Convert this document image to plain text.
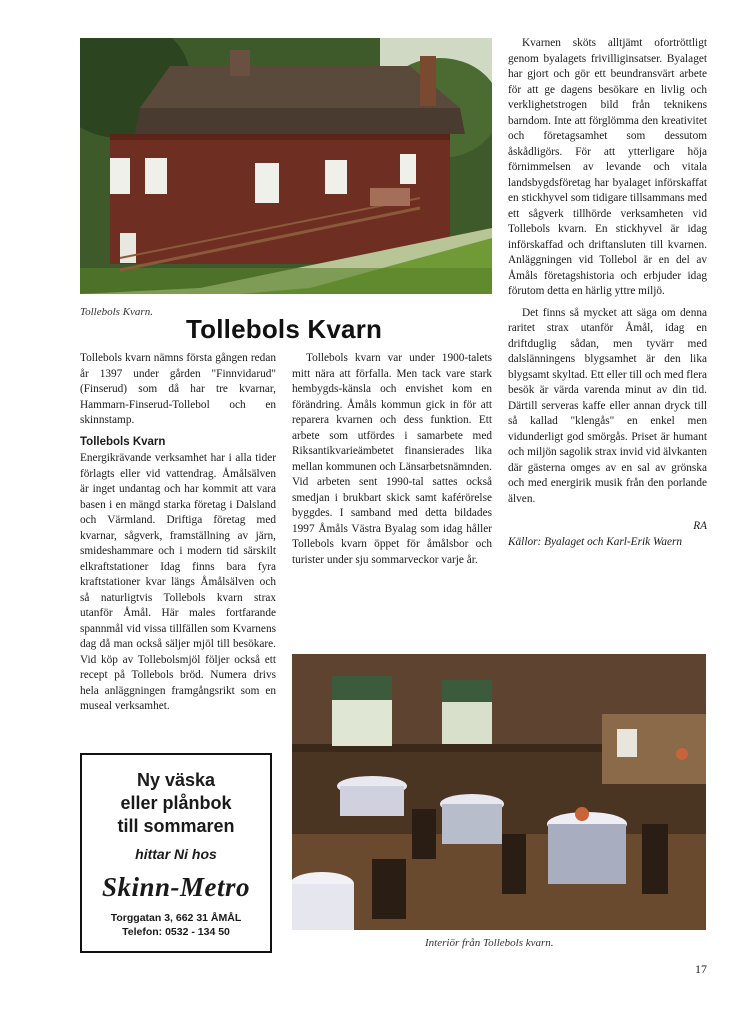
Tollebols Kvarn.
Tollebols Kvarn

Tollebols kvarn nämns första gången redan år 1397 under gården "Finnvidarud" (Finserud) som då har tre kvarnar, Hammarn-Finserud-Tollebol och en skinnstamp.

Tollebols Kvarn

Energikrävande verksamhet har i alla tider förlagts eller vid vattendrag. Åmålsälven är inget undantag och har kommit att vara basen i en mängd starka företag i Dalsland och Värmland. Driftiga företag med kvarnar, sågverk, framställning av järn, smideshammare och i modern tid särskilt elkraftstationer Idag finns bara fyra kraftstationer kvar längs Åmålsälven och så naturligtvis Tollebols kvarn strax utanför Åmål. Här males fortfarande spannmål vid vissa tillfällen som Kvarnens dag då man också säljer mjöl till besökare. Vid köp av Tollebolsmjöl följer också ett recept på Tollebols bröd. Numera drivs hela anläggningen framgångsrikt som en museal verksamhet.

Tollebols kvarn var under 1900-talets mitt nära att förfalla. Men tack vare stark hembygds-känsla och envishet kom en förändring. Åmåls kommun gick in för att reparera kvarnen och dess funktion. Ett arbete som utfördes i samarbete med Riksantikvarieämbetet finansierades lika mellan kommunen och Länsarbetsnämnden. Vid arbeten sent 1990-tal sattes också smedjan i brukbart skick samt kaférörelse byggdes. I samband med detta bildades 1997 Åmåls Västra Byalag som idag håller Tollebols kvarn öppet för åmålsbor och turister under sju sommarveckor varje år.

Kvarnen sköts alltjämt ofortröttligt genom byalagets frivilliginsatser. Byalaget har gjort och gör ett beundransvärt arbete för att ge dagens besökare en livlig och verklighetstrogen bild från teknikens barndom. Inte att förglömma den kreativitet och företagsamhet som dessutom åskådligörs. För att ytterligare höja förnimmelsen av levande och vitala landsbygdsföretag har byalaget införskaffat en stickhyvel som tidigare tillsammans med ett sågverk tillhörde verksamheten vid Tollebols kvarn. En stickhyvel är idag införskaffad och driftansluten till kvarnen. Anläggningen vid Tollebol är en del av Åmåls företagshistoria och erbjuder idag förutom detta en härlig yttre miljö.

Det finns så mycket att säga om denna raritet strax utanför Åmål, idag en driftduglig sådan, men tyvärr med dalslänningens blygsamhet är den lika blygsamt skyltad. Ett eller till och med flera besök är värda varenda minut av din tid. Därtill serveras kaffe eller annan dryck till så kallad "klengås" en enkel men vidunderligt god smörgås. Priset är humant och miljön sagolik strax invid vid älvkanten där gästerna omges av en sal av grönska och med energirik musik från den porlande älven.

RA

Källor: Byalaget och Karl-Erik Waern

Interiör från Tollebols kvarn.
Ny väska
eller plånbok
till sommaren
hittar Ni hos
Skinn-Metro
Torggatan 3, 662 31 ÅMÅL
Telefon: 0532 - 134 50
17
